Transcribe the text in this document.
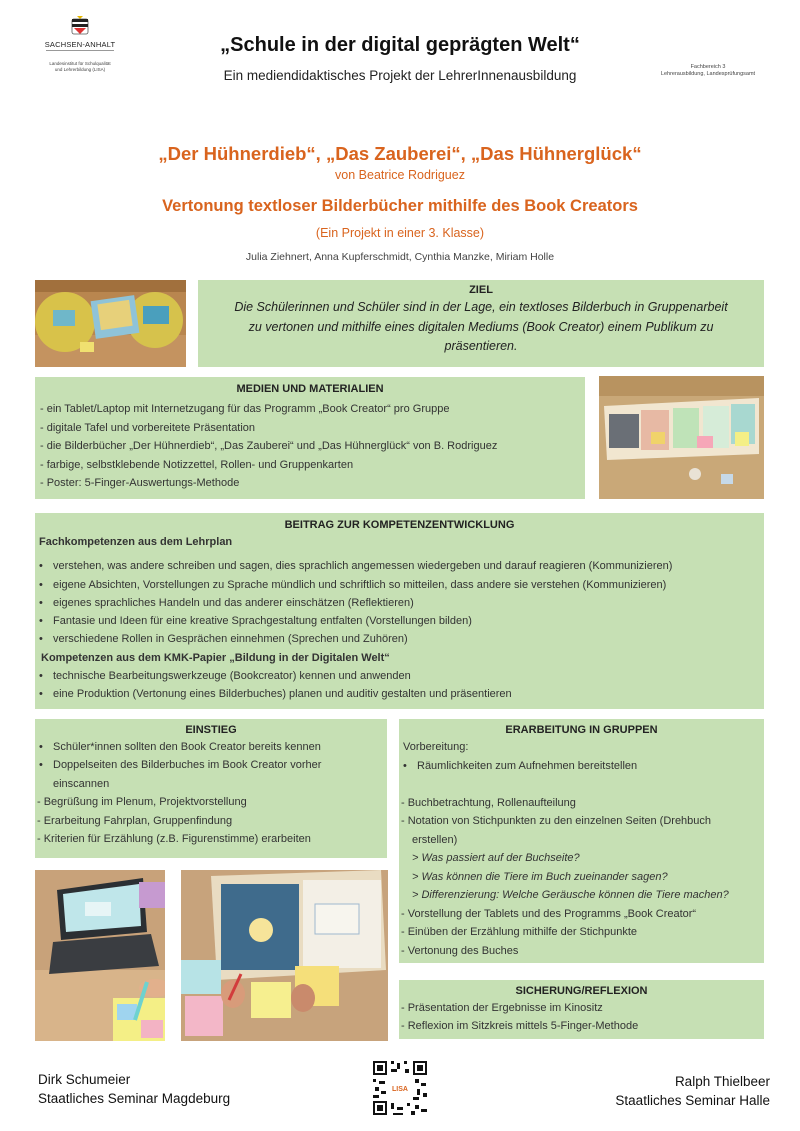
SACHSEN-ANHALT
Landesinstitut für Schulqualität
und Lehrerbildung (LISA)
„Schule in der digital geprägten Welt“
Ein mediendidaktisches Projekt der LehrerInnenausbildung
Fachbereich 3
Lehrerausbildung, Landesprüfungsamt
„Der Hühnerdieb“, „Das Zauberei“, „Das Hühnerglück“
von Beatrice Rodriguez
Vertonung textloser Bilderbücher mithilfe des Book Creators
(Ein Projekt in einer 3. Klasse)
Julia Ziehnert, Anna Kupferschmidt, Cynthia Manzke, Miriam Holle
ZIEL
Die Schülerinnen und Schüler sind in der Lage, ein textloses Bilderbuch in Gruppenarbeit
zu vertonen und mithilfe eines digitalen Mediums (Book Creator) einem Publikum zu
präsentieren.
MEDIEN UND MATERIALIEN
- ein Tablet/Laptop mit Internetzugang für das Programm „Book Creator“ pro Gruppe
- digitale Tafel und vorbereitete Präsentation
- die Bilderbücher „Der Hühnerdieb“, „Das Zauberei“ und „Das Hühnerglück“ von B. Rodriguez
- farbige, selbstklebende Notizzettel, Rollen- und Gruppenkarten
- Poster: 5-Finger-Auswertungs-Methode
BEITRAG ZUR KOMPETENZENTWICKLUNG
Fachkompetenzen aus dem Lehrplan
• verstehen, was andere schreiben und sagen, dies sprachlich angemessen wiedergeben und darauf reagieren (Kommunizieren)
• eigene Absichten, Vorstellungen zu Sprache mündlich und schriftlich so mitteilen, dass andere sie verstehen (Kommunizieren)
• eigenes sprachliches Handeln und das anderer einschätzen (Reflektieren)
• Fantasie und Ideen für eine kreative Sprachgestaltung entfalten (Vorstellungen bilden)
• verschiedene Rollen in Gesprächen einnehmen (Sprechen und Zuhören)
Kompetenzen aus dem KMK-Papier „Bildung in der Digitalen Welt“
• technische Bearbeitungswerkzeuge (Bookcreator) kennen und anwenden
• eine Produktion (Vertonung eines Bilderbuches) planen und auditiv gestalten und präsentieren
EINSTIEG
• Schüler*innen sollten den Book Creator bereits kennen
• Doppelseiten des Bilderbuches im Book Creator vorher
einscannen
- Begrüßung im Plenum, Projektvorstellung
- Erarbeitung Fahrplan, Gruppenfindung
- Kriterien für Erzählung (z.B. Figurenstimme) erarbeiten
ERARBEITUNG IN GRUPPEN
Vorbereitung:
• Räumlichkeiten zum Aufnehmen bereitstellen

- Buchbetrachtung, Rollenaufteilung
- Notation von Stichpunkten zu den einzelnen Seiten (Drehbuch
erstellen)
> Was passiert auf der Buchseite?
> Was können die Tiere im Buch zueinander sagen?
> Differenzierung: Welche Geräusche können die Tiere machen?
- Vorstellung der Tablets und des Programms „Book Creator“
- Einüben der Erzählung mithilfe der Stichpunkte
- Vertonung des Buches
SICHERUNG/REFLEXION
- Präsentation der Ergebnisse im Kinositz
- Reflexion im Sitzkreis mittels 5-Finger-Methode
Dirk Schumeier
Staatliches Seminar Magdeburg
LISA
Ralph Thielbeer
Staatliches Seminar Halle
